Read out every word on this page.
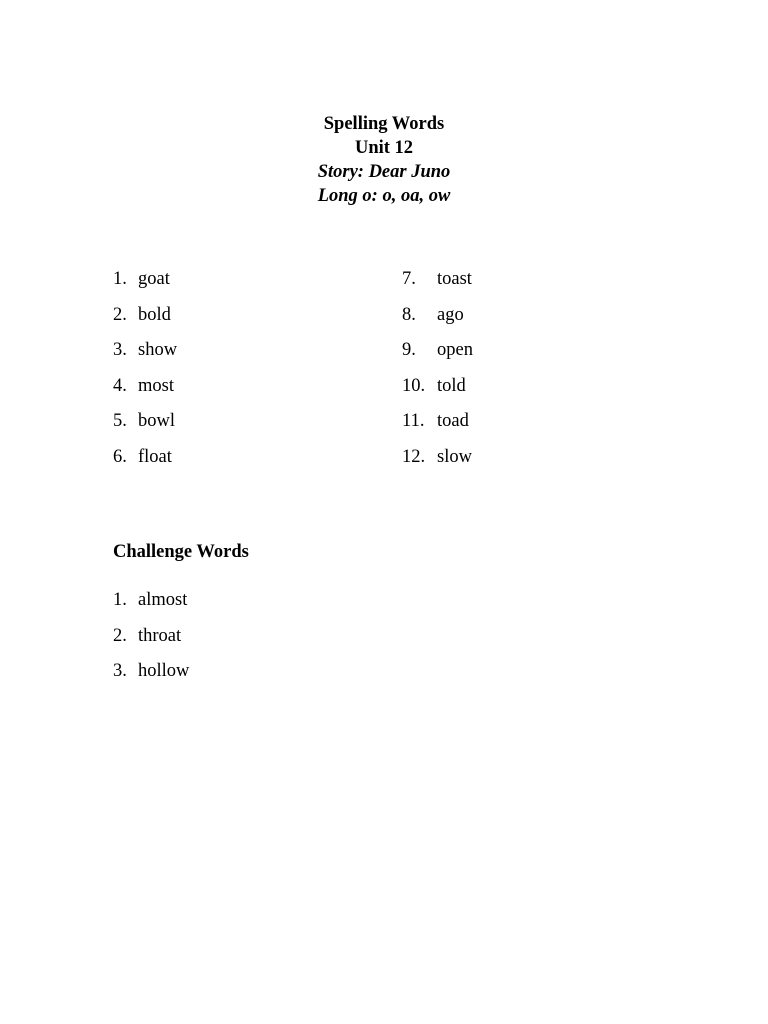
Spelling Words
Unit 12
Story: Dear Juno
Long o: o, oa, ow
1. goat
2. bold
3. show
4. most
5. bowl
6. float
7. toast
8. ago
9. open
10. told
11. toad
12. slow
Challenge Words
1. almost
2. throat
3. hollow
